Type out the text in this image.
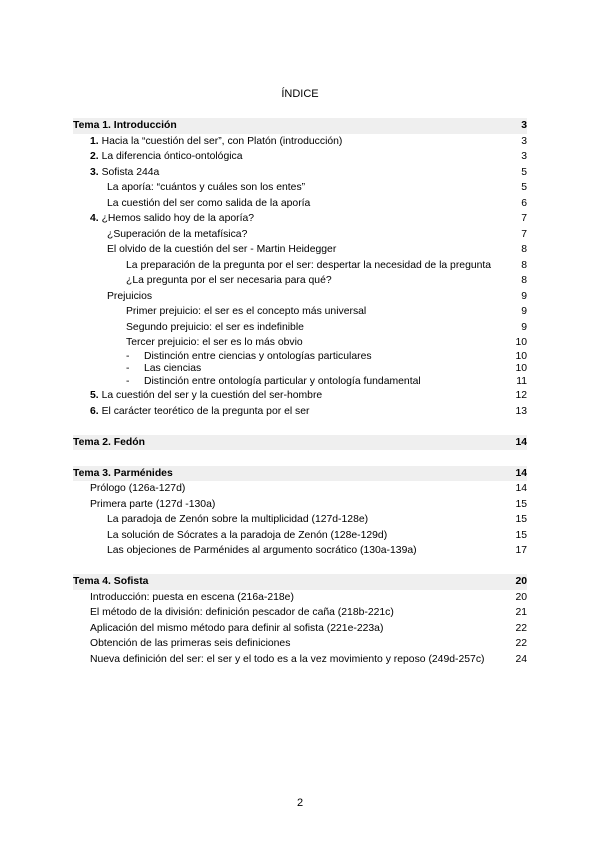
ÍNDICE
Tema 1. Introducción	3
1. Hacia la “cuestión del ser”, con Platón (introducción)	3
2. La diferencia óntico-ontológica	3
3. Sofista 244a	5
La aporía: “cuántos y cuáles son los entes”	5
La cuestión del ser como salida de la aporía	6
4. ¿Hemos salido hoy de la aporía?	7
¿Superación de la metafísica?	7
El olvido de la cuestión del ser - Martin Heidegger	8
La preparación de la pregunta por el ser: despertar la necesidad de la pregunta	8
¿La pregunta por el ser necesaria para qué?	8
Prejuicios	9
Primer prejuicio: el ser es el concepto más universal	9
Segundo prejuicio: el ser es indefinible	9
Tercer prejuicio: el ser es lo más obvio	10
- Distinción entre ciencias y ontologías particulares	10
- Las ciencias	10
- Distinción entre ontología particular y ontología fundamental	11
5. La cuestión del ser y la cuestión del ser-hombre	12
6. El carácter teorético de la pregunta por el ser	13
Tema 2. Fedón	14
Tema 3. Parménides	14
Prólogo (126a-127d)	14
Primera parte (127d -130a)	15
La paradoja de Zenón sobre la multiplicidad (127d-128e)	15
La solución de Sócrates a la paradoja de Zenón (128e-129d)	15
Las objeciones de Parménides al argumento socrático (130a-139a)	17
Tema 4. Sofista	20
Introducción: puesta en escena (216a-218e)	20
El método de la división: definición pescador de caña (218b-221c)	21
Aplicación del mismo método para definir al sofista (221e-223a)	22
Obtención de las primeras seis definiciones	22
Nueva definición del ser: el ser y el todo es a la vez movimiento y reposo (249d-257c)	24
2
